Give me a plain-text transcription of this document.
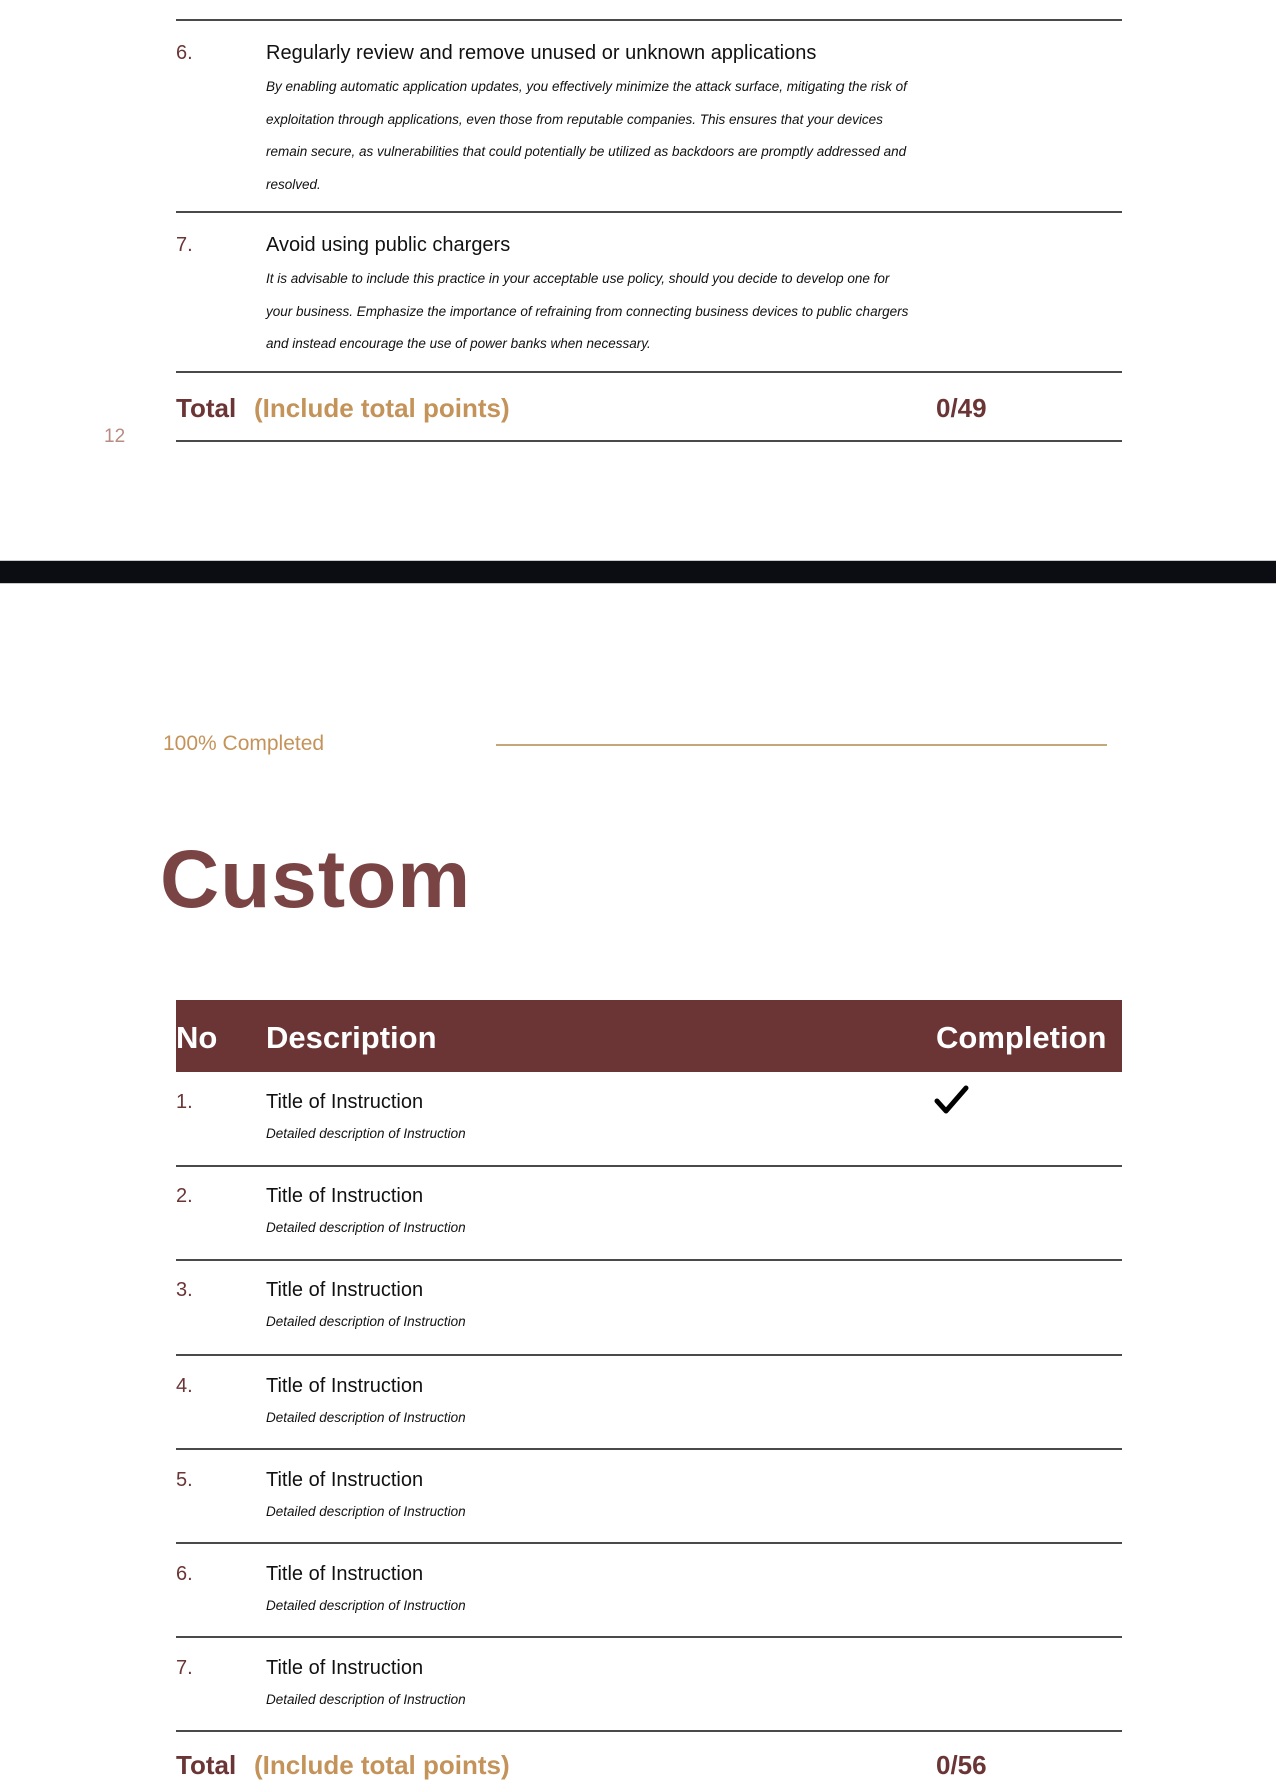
6.	Regularly review and remove unused or unknown applications
By enabling automatic application updates, you effectively minimize the attack surface, mitigating the risk of exploitation through applications, even those from reputable companies. This ensures that your devices remain secure, as vulnerabilities that could potentially be utilized as backdoors are promptly addressed and resolved.
7.	Avoid using public chargers
It is advisable to include this practice in your acceptable use policy, should you decide to develop one for your business. Emphasize the importance of refraining from connecting business devices to public chargers and instead encourage the use of power banks when necessary.
Total (Include total points)	0/49
12
100% Completed
Custom
No Description	Completion
1.	Title of Instruction
Detailed description of Instruction
2.	Title of Instruction
Detailed description of Instruction
3.	Title of Instruction
Detailed description of Instruction
4.	Title of Instruction
Detailed description of Instruction
5.	Title of Instruction
Detailed description of Instruction
6.	Title of Instruction
Detailed description of Instruction
7.	Title of Instruction
Detailed description of Instruction
Total (Include total points)	0/56
